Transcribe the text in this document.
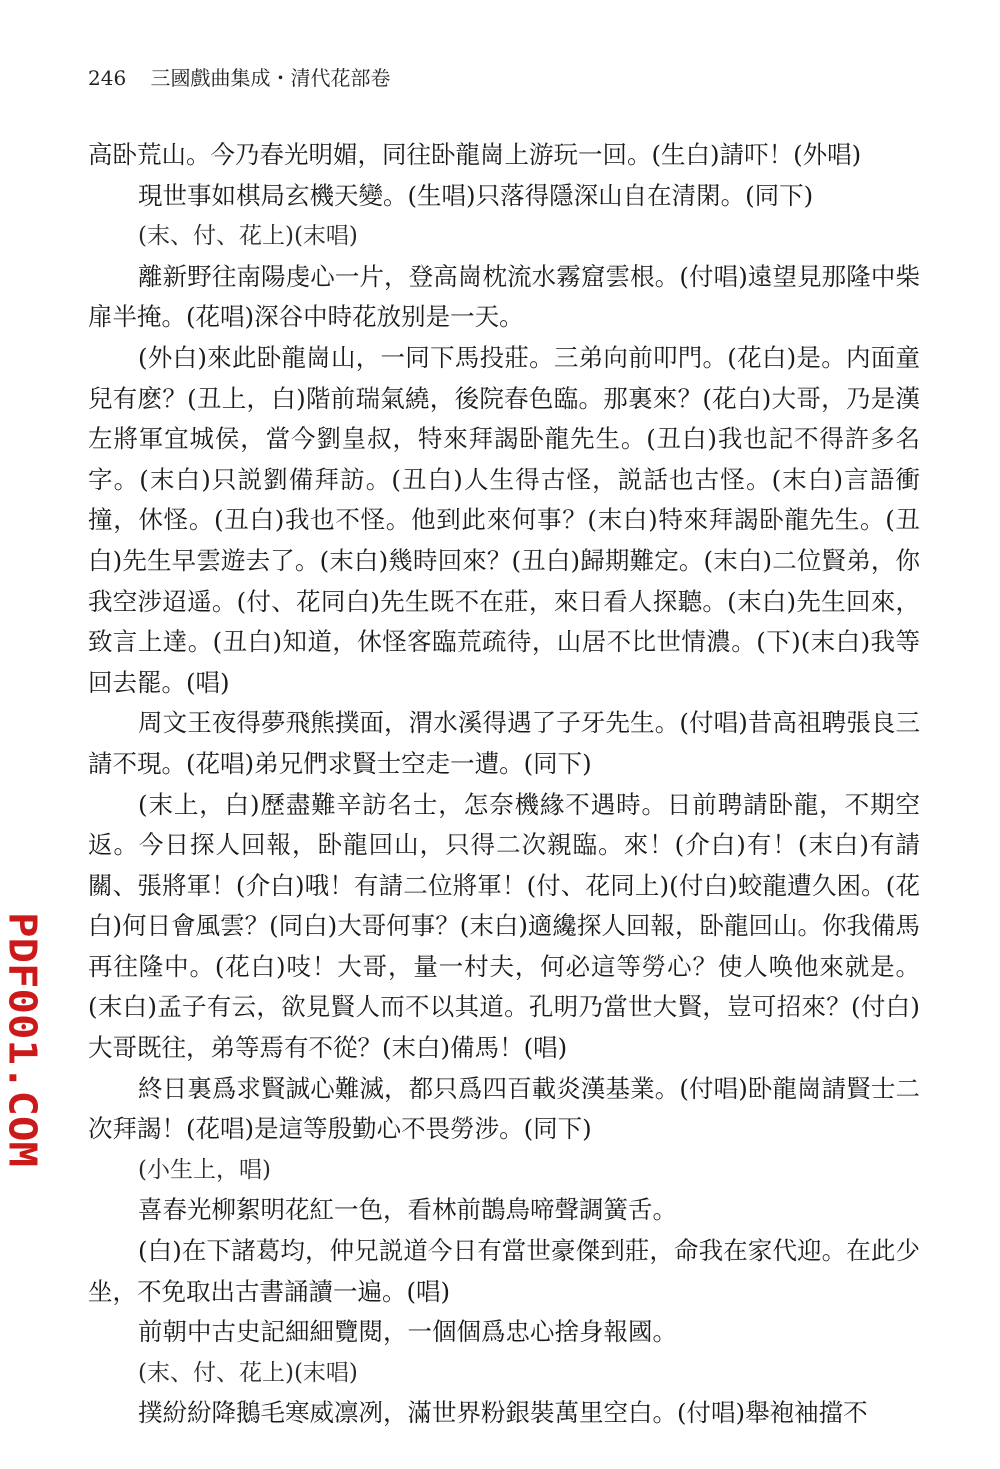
246 三國戲曲集成・清代花部卷

高卧荒山。今乃春光明媚，同往卧龍崗上游玩一回。(生白)請吓！(外唱)

現世事如棋局玄機天變。(生唱)只落得隱深山自在清閑。(同下)

(末、付、花上)(末唱)

離新野往南陽虔心一片，登高崗枕流水霧窟雲根。(付唱)遠望見那隆中柴扉半掩。(花唱)深谷中時花放别是一天。

(外白)來此卧龍崗山，一同下馬投莊。三弟向前叩門。(花白)是。内面童兒有麽？(丑上，白)階前瑞氣繞，後院春色臨。那裏來？(花白)大哥，乃是漢左將軍宜城侯，當今劉皇叔，特來拜謁卧龍先生。(丑白)我也記不得許多名字。(末白)只説劉備拜訪。(丑白)人生得古怪，説話也古怪。(末白)言語衝撞，休怪。(丑白)我也不怪。他到此來何事？(末白)特來拜謁卧龍先生。(丑白)先生早雲遊去了。(末白)幾時回來？(丑白)歸期難定。(末白)二位賢弟，你我空涉迢遥。(付、花同白)先生既不在莊，來日看人探聽。(末白)先生回來，致言上達。(丑白)知道，休怪客臨荒疏待，山居不比世情濃。(下)(末白)我等回去罷。(唱)

周文王夜得夢飛熊撲面，渭水溪得遇了子牙先生。(付唱)昔高祖聘張良三請不現。(花唱)弟兄們求賢士空走一遭。(同下)

(末上，白)歷盡難辛訪名士，怎奈機緣不遇時。日前聘請卧龍，不期空返。今日探人回報，卧龍回山，只得二次親臨。來！(介白)有！(末白)有請關、張將軍！(介白)哦！有請二位將軍！(付、花同上)(付白)蛟龍遭久困。(花白)何日會風雲？(同白)大哥何事？(末白)適纔探人回報，卧龍回山。你我備馬再往隆中。(花白)吱！大哥，量一村夫，何必這等勞心？使人唤他來就是。(末白)孟子有云，欲見賢人而不以其道。孔明乃當世大賢，豈可招來？(付白)大哥既往，弟等焉有不從？(末白)備馬！(唱)

終日裏爲求賢誠心難滅，都只爲四百載炎漢基業。(付唱)卧龍崗請賢士二次拜謁！(花唱)是這等殷勤心不畏勞涉。(同下)

(小生上，唱)

喜春光柳絮明花紅一色，看林前鵲鳥啼聲調簧舌。

(白)在下諸葛均，仲兄説道今日有當世豪傑到莊，命我在家代迎。在此少坐，不免取出古書誦讀一遍。(唱)

前朝中古史記細細覽閱，一個個爲忠心捨身報國。

(末、付、花上)(末唱)

撲紛紛降鵝毛寒威凛冽，滿世界粉銀裝萬里空白。(付唱)舉袍袖擋不

PDF001.COM
